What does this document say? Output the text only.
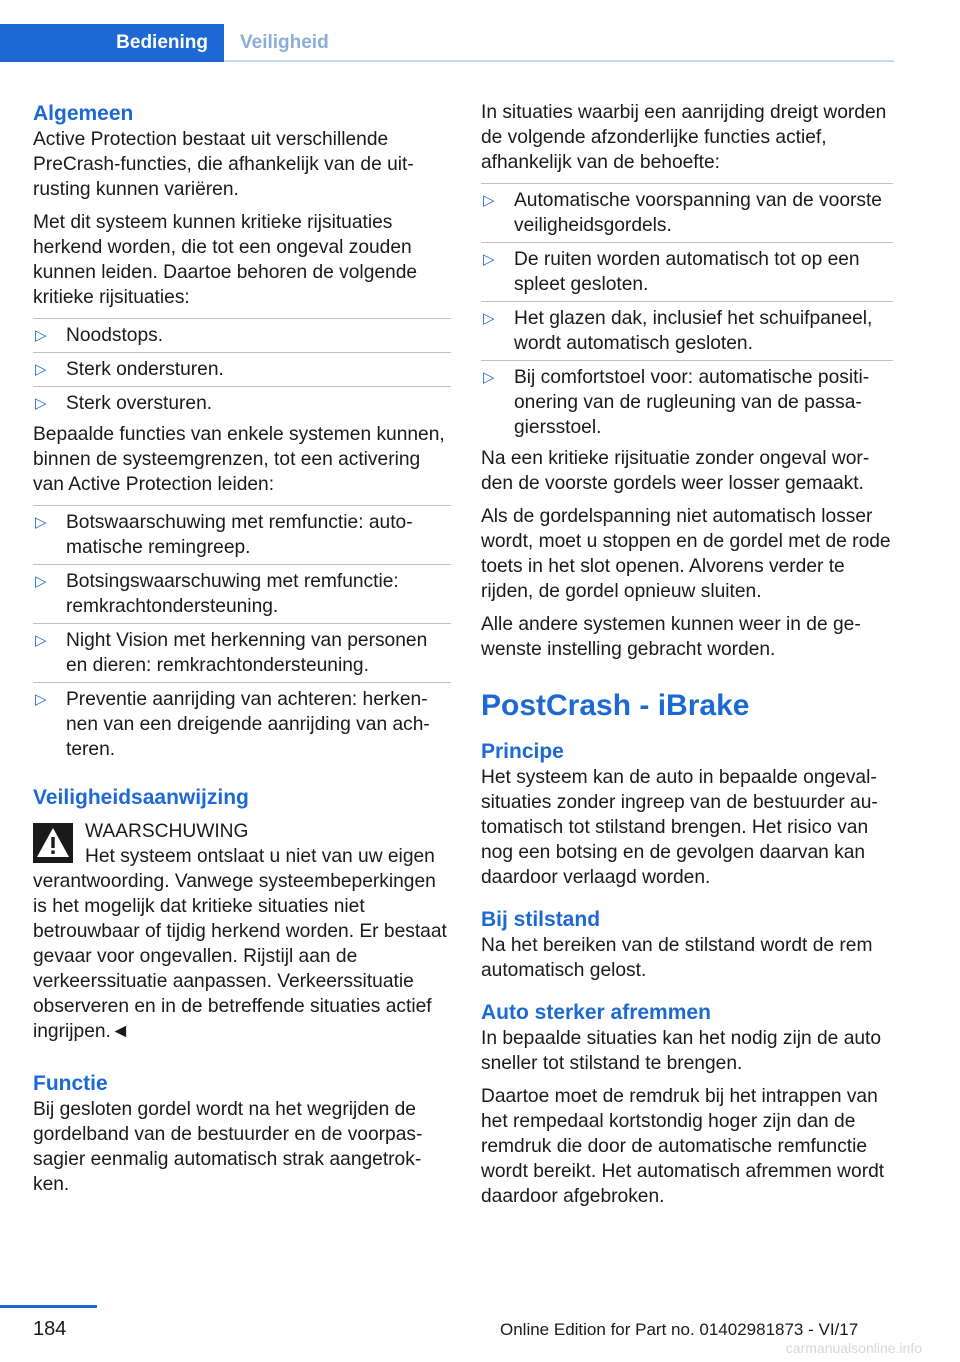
Bediening	Veiligheid
Algemeen

Active Protection bestaat uit verschillende PreCrash-functies, die afhankelijk van de uitrusting kunnen variëren.

Met dit systeem kunnen kritieke rijsituaties herkend worden, die tot een ongeval zouden kunnen leiden. Daartoe behoren de volgende kritieke rijsituaties:

▷ Noodstops.
▷ Sterk ondersturen.
▷ Sterk oversturen.

Bepaalde functies van enkele systemen kunnen, binnen de systeemgrenzen, tot een activering van Active Protection leiden:

▷ Botswaarschuwing met remfunctie: automatische remingreep.
▷ Botsingswaarschuwing met remfunctie: remkrachtondersteuning.
▷ Night Vision met herkenning van personen en dieren: remkrachtondersteuning.
▷ Preventie aanrijding van achteren: herkennen van een dreigende aanrijding van achteren.
Veiligheidsaanwijzing
WAARSCHUWING
Het systeem ontslaat u niet van uw eigen verantwoording. Vanwege systeembeperkingen is het mogelijk dat kritieke situaties niet betrouwbaar of tijdig herkend worden. Er bestaat gevaar voor ongevallen. Rijstijl aan de verkeerssituatie aanpassen. Verkeerssituatie observeren en in de betreffende situaties actief ingrijpen.◄
Functie

Bij gesloten gordel wordt na het wegrijden de gordelband van de bestuurder en de voorpassagier eenmalig automatisch strak aangetrokken.

In situaties waarbij een aanrijding dreigt worden de volgende afzonderlijke functies actief, afhankelijk van de behoefte:

▷ Automatische voorspanning van de voorste veiligheidsgordels.
▷ De ruiten worden automatisch tot op een spleet gesloten.
▷ Het glazen dak, inclusief het schuifpaneel, wordt automatisch gesloten.
▷ Bij comfortstoel voor: automatische positionering van de rugleuning van de passagiersstoel.

Na een kritieke rijsituatie zonder ongeval worden de voorste gordels weer losser gemaakt.

Als de gordelspanning niet automatisch losser wordt, moet u stoppen en de gordel met de rode toets in het slot openen. Alvorens verder te rijden, de gordel opnieuw sluiten.

Alle andere systemen kunnen weer in de gewenste instelling gebracht worden.

PostCrash - iBrake
Principe

Het systeem kan de auto in bepaalde ongevalsituaties zonder ingreep van de bestuurder automatisch tot stilstand brengen. Het risico van nog een botsing en de gevolgen daarvan kan daardoor verlaagd worden.

Bij stilstand

Na het bereiken van de stilstand wordt de rem automatisch gelost.

Auto sterker afremmen

In bepaalde situaties kan het nodig zijn de auto sneller tot stilstand te brengen.

Daartoe moet de remdruk bij het intrappen van het rempedaal kortstondig hoger zijn dan de remdruk die door de automatische remfunctie wordt bereikt. Het automatisch afremmen wordt daardoor afgebroken.

184	Online Edition for Part no. 01402981873 - VI/17
carmanualsonline.info
